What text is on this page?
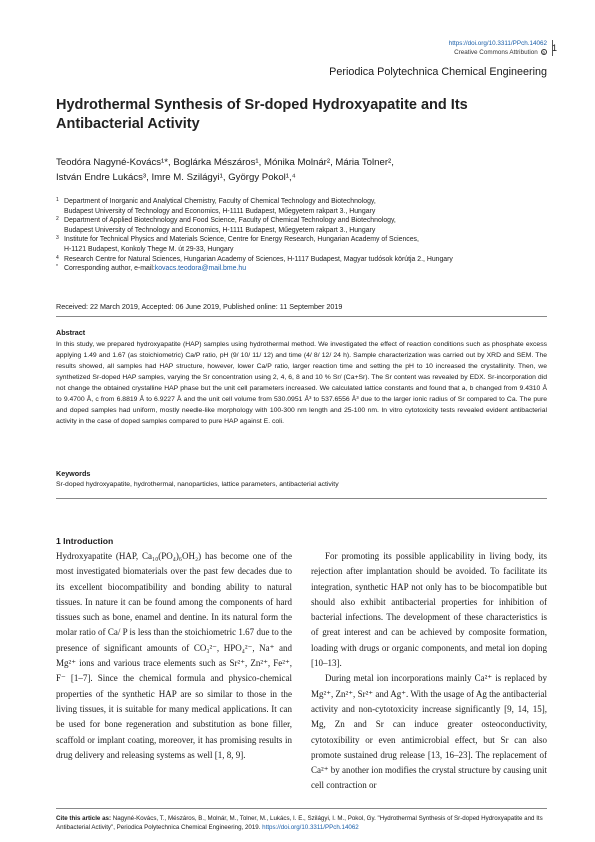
https://doi.org/10.3311/PPch.14062
Creative Commons Attribution b 1
Periodica Polytechnica Chemical Engineering
Hydrothermal Synthesis of Sr-doped Hydroxyapatite and Its Antibacterial Activity
Teodóra Nagyné-Kovács¹*, Boglárka Mészáros¹, Mónika Molnár², Mária Tolner²,
István Endre Lukács³, Imre M. Szilágyi¹, György Pokol¹,⁴
1 Department of Inorganic and Analytical Chemistry, Faculty of Chemical Technology and Biotechnology,
Budapest University of Technology and Economics, H-1111 Budapest, Műegyetem rakpart 3., Hungary
2 Department of Applied Biotechnology and Food Science, Faculty of Chemical Technology and Biotechnology,
Budapest University of Technology and Economics, H-1111 Budapest, Műegyetem rakpart 3., Hungary
3 Institute for Technical Physics and Materials Science, Centre for Energy Research, Hungarian Academy of Sciences,
H-1121 Budapest, Konkoly Thege M. út 29-33, Hungary
4 Research Centre for Natural Sciences, Hungarian Academy of Sciences, H-1117 Budapest, Magyar tudósok körútja 2., Hungary
* Corresponding author, e-mail: kovacs.teodora@mail.bme.hu
Received: 22 March 2019, Accepted: 06 June 2019, Published online: 11 September 2019
Abstract
In this study, we prepared hydroxyapatite (HAP) samples using hydrothermal method. We investigated the effect of reaction conditions such as phosphate excess applying 1.49 and 1.67 (as stoichiometric) Ca/P ratio, pH (9/ 10/ 11/ 12) and time (4/ 8/ 12/ 24 h). Sample characterization was carried out by XRD and SEM. The results showed, all samples had HAP structure, however, lower Ca/P ratio, larger reaction time and setting the pH to 10 increased the crystallinity. Then, we synthetized Sr-doped HAP samples, varying the Sr concentration using 2, 4, 6, 8 and 10 % Sr/ (Ca+Sr). The Sr content was revealed by EDX. Sr-incorporation did not change the obtained crystalline HAP phase but the unit cell parameters increased. We calculated lattice constants and found that a, b changed from 9.4310 Å to 9.4700 Å, c from 6.8819 Å to 6.9227 Å and the unit cell volume from 530.0951 Å³ to 537.6556 Å³ due to the larger ionic radius of Sr compared to Ca. The pure and doped samples had uniform, mostly needle-like morphology with 100-300 nm length and 25-100 nm. In vitro cytotoxicity tests revealed evident antibacterial activity in the case of doped samples compared to pure HAP against E. coli.
Keywords
Sr-doped hydroxyapatite, hydrothermal, nanoparticles, lattice parameters, antibacterial activity
1 Introduction

Hydroxyapatite (HAP, Ca₁₀(PO₄)₆OH₂) has become one of the most investigated biomaterials over the past few decades due to its excellent biocompatibility and bonding ability to natural tissues. In nature it can be found among the components of hard tissues such as bone, enamel and dentine. In its natural form the molar ratio of Ca/ P is less than the stoichiometric 1.67 due to the presence of significant amounts of CO₃²⁻, HPO₄²⁻, Na⁺ and Mg²⁺ ions and various trace elements such as Sr²⁺, Zn²⁺, Fe²⁺, F⁻ [1–7]. Since the chemical formula and physico-chemical properties of the synthetic HAP are so similar to those in the living tissues, it is suitable for many medical applications. It can be used for bone regeneration and substitution as bone filler, scaffold or implant coating, moreover, it has promising results in drug delivery and releasing systems as well [1, 8, 9].

For promoting its possible applicability in living body, its rejection after implantation should be avoided. To facilitate its integration, synthetic HAP not only has to be biocompatible but should also exhibit antibacterial properties for inhibition of bacterial infections. The development of these characteristics is of great interest and can be achieved by composite formation, loading with drugs or organic components, and metal ion doping [10–13].

During metal ion incorporations mainly Ca²⁺ is replaced by Mg²⁺, Zn²⁺, Sr²⁺ and Ag⁺. With the usage of Ag the antibacterial activity and non-cytotoxicity increase significantly [9, 14, 15], Mg, Zn and Sr can induce greater osteoconductivity, cytotoxibility or even antimicrobial effect, but Sr can also promote sustained drug release [13, 16–23]. The replacement of Ca²⁺ by another ion modifies the crystal structure by causing unit cell contraction or

Cite this article as: Nagyné-Kovács, T., Mészáros, B., Molnár, M., Tolner, M., Lukács, I. E., Szilágyi, I. M., Pokol, Gy. "Hydrothermal Synthesis of Sr-doped Hydroxyapatite and Its Antibacterial Activity", Periodica Polytechnica Chemical Engineering, 2019. https://doi.org/10.3311/PPch.14062
